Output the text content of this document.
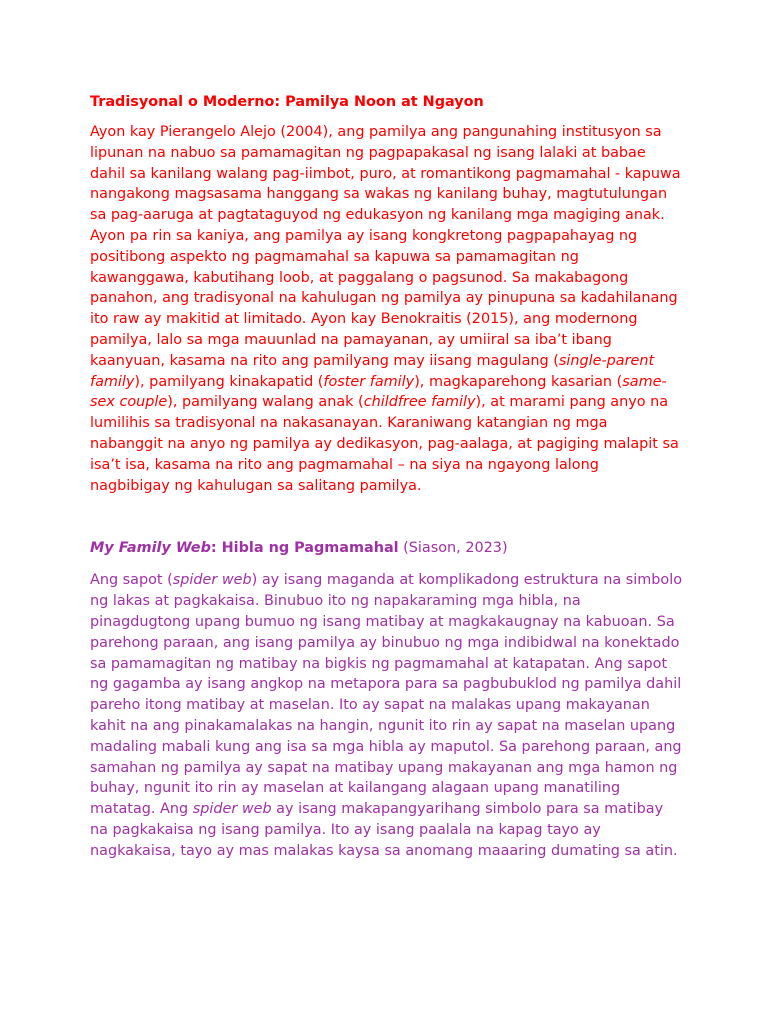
Tradisyonal o Moderno: Pamilya Noon at Ngayon

Ayon kay Pierangelo Alejo (2004), ang pamilya ang pangunahing institusyon sa lipunan na nabuo sa pamamagitan ng pagpapakasal ng isang lalaki at babae dahil sa kanilang walang pag-iimbot, puro, at romantikong pagmamahal - kapuwa nangakong magsasama hanggang sa wakas ng kanilang buhay, magtutulungan sa pag-aaruga at pagtataguyod ng edukasyon ng kanilang mga magiging anak. Ayon pa rin sa kaniya, ang pamilya ay isang kongkretong pagpapahayag ng positibong aspekto ng pagmamahal sa kapuwa sa pamamagitan ng kawanggawa, kabutihang loob, at paggalang o pagsunod. Sa makabagong panahon, ang tradisyonal na kahulugan ng pamilya ay pinupuna sa kadahilanang ito raw ay makitid at limitado. Ayon kay Benokraitis (2015), ang modernong pamilya, lalo sa mga mauunlad na pamayanan, ay umiiral sa iba’t ibang kaanyuan, kasama na rito ang pamilyang may iisang magulang (single-parent family), pamilyang kinakapatid (foster family), magkaparehong kasarian (same-sex couple), pamilyang walang anak (childfree family), at marami pang anyo na lumilihis sa tradisyonal na nakasanayan. Karaniwang katangian ng mga nabanggit na anyo ng pamilya ay dedikasyon, pag-aalaga, at pagiging malapit sa isa’t isa, kasama na rito ang pagmamahal – na siya na ngayong lalong nagbibigay ng kahulugan sa salitang pamilya.

My Family Web: Hibla ng Pagmamahal (Siason, 2023)

Ang sapot (spider web) ay isang maganda at komplikadong estruktura na simbolo ng lakas at pagkakaisa. Binubuo ito ng napakaraming mga hibla, na pinagdugtong upang bumuo ng isang matibay at magkakaugnay na kabuoan. Sa parehong paraan, ang isang pamilya ay binubuo ng mga indibidwal na konektado sa pamamagitan ng matibay na bigkis ng pagmamahal at katapatan. Ang sapot ng gagamba ay isang angkop na metapora para sa pagbubuklod ng pamilya dahil pareho itong matibay at maselan. Ito ay sapat na malakas upang makayanan kahit na ang pinakamalakas na hangin, ngunit ito rin ay sapat na maselan upang madaling mabali kung ang isa sa mga hibla ay maputol. Sa parehong paraan, ang samahan ng pamilya ay sapat na matibay upang makayanan ang mga hamon ng buhay, ngunit ito rin ay maselan at kailangang alagaan upang manatiling matatag. Ang spider web ay isang makapangyarihang simbolo para sa matibay na pagkakaisa ng isang pamilya. Ito ay isang paalala na kapag tayo ay nagkakaisa, tayo ay mas malakas kaysa sa anomang maaaring dumating sa atin.
